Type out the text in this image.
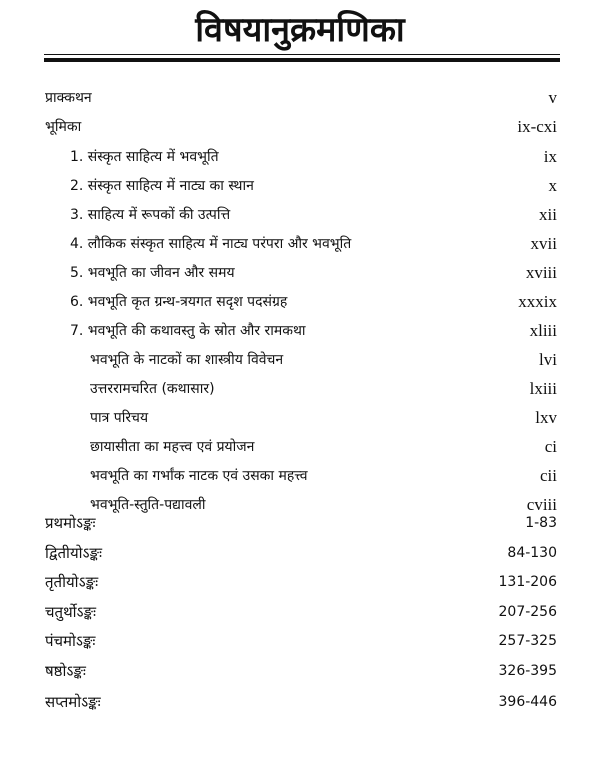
विषयानुक्रमणिका
प्राक्कथन	v
भूमिका	ix-cxi
1. संस्कृत साहित्य में भवभूति	ix
2. संस्कृत साहित्य में नाट्य का स्थान	x
3. साहित्य में रूपकों की उत्पत्ति	xii
4. लौकिक संस्कृत साहित्य में नाट्य परंपरा और भवभूति	xvii
5. भवभूति का जीवन और समय	xviii
6. भवभूति कृत ग्रन्थ-त्रयगत सदृश पदसंग्रह	xxxix
7. भवभूति की कथावस्तु के स्रोत और रामकथा	xliii
भवभूति के नाटकों का शास्त्रीय विवेचन	lvi
उत्तररामचरित (कथासार)	lxiii
पात्र परिचय	lxv
छायासीता का महत्त्व एवं प्रयोजन	ci
भवभूति का गर्भांक नाटक एवं उसका महत्त्व	cii
भवभूति-स्तुति-पद्यावली	cviii
प्रथमोऽङ्कः	1-83
द्वितीयोऽङ्कः	84-130
तृतीयोऽङ्कः	131-206
चतुर्थोऽङ्कः	207-256
पंचमोऽङ्कः	257-325
षष्ठोऽङ्कः	326-395
सप्तमोऽङ्कः	396-446
